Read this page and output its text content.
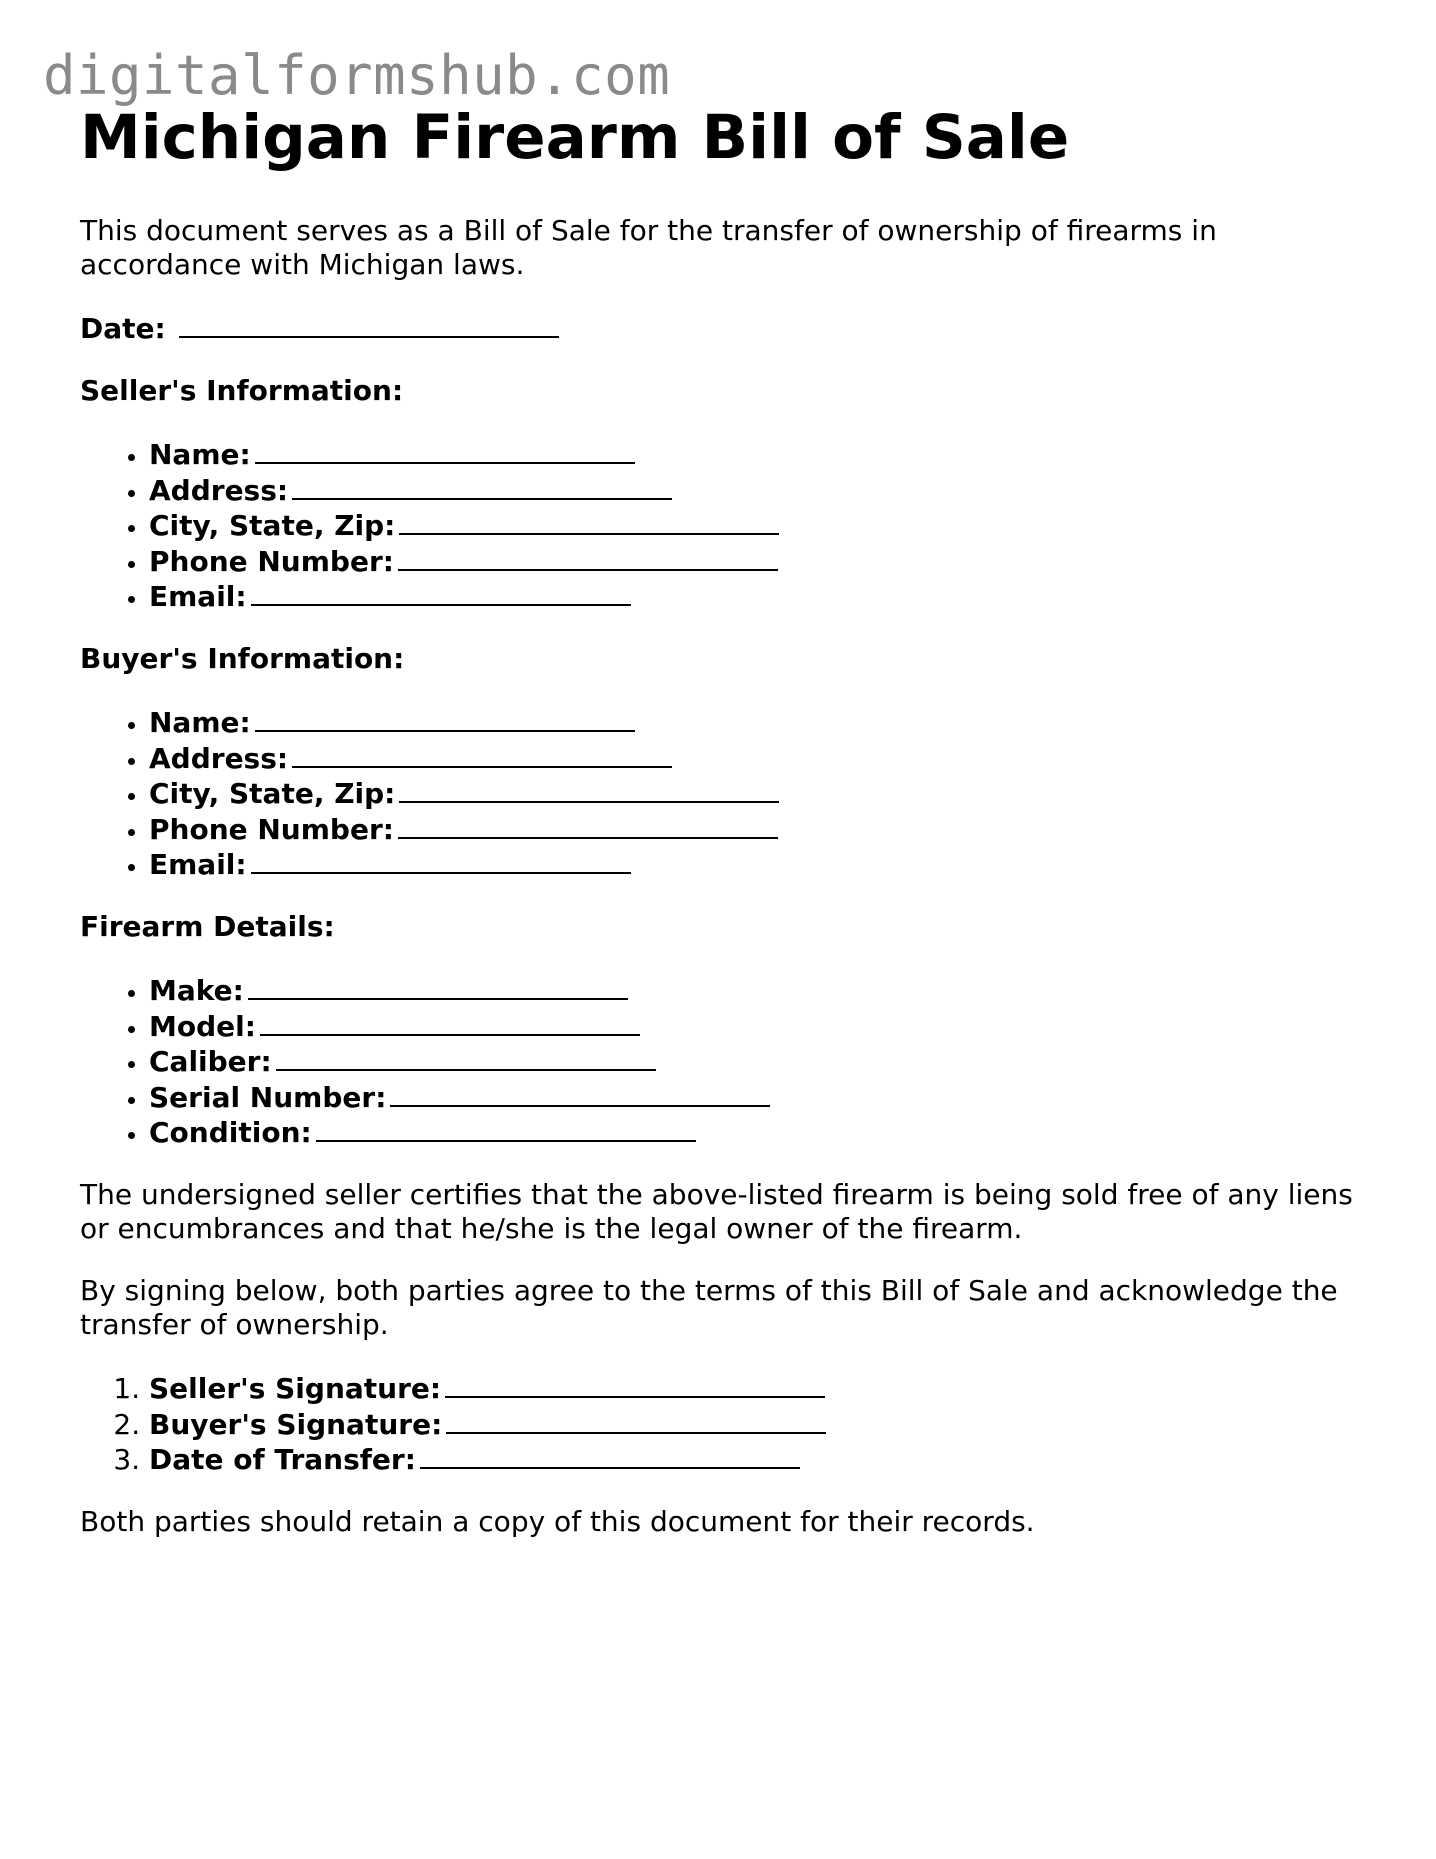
digitalformshub.com
Michigan Firearm Bill of Sale

This document serves as a Bill of Sale for the transfer of ownership of firearms in accordance with Michigan laws.

Date:

Seller's Information:

• Name:
• Address:
• City, State, Zip:
• Phone Number:
• Email:

Buyer's Information:

• Name:
• Address:
• City, State, Zip:
• Phone Number:
• Email:

Firearm Details:

• Make:
• Model:
• Caliber:
• Serial Number:
• Condition:

The undersigned seller certifies that the above-listed firearm is being sold free of any liens or encumbrances and that he/she is the legal owner of the firearm.

By signing below, both parties agree to the terms of this Bill of Sale and acknowledge the transfer of ownership.

1. Seller's Signature:
2. Buyer's Signature:
3. Date of Transfer:

Both parties should retain a copy of this document for their records.
